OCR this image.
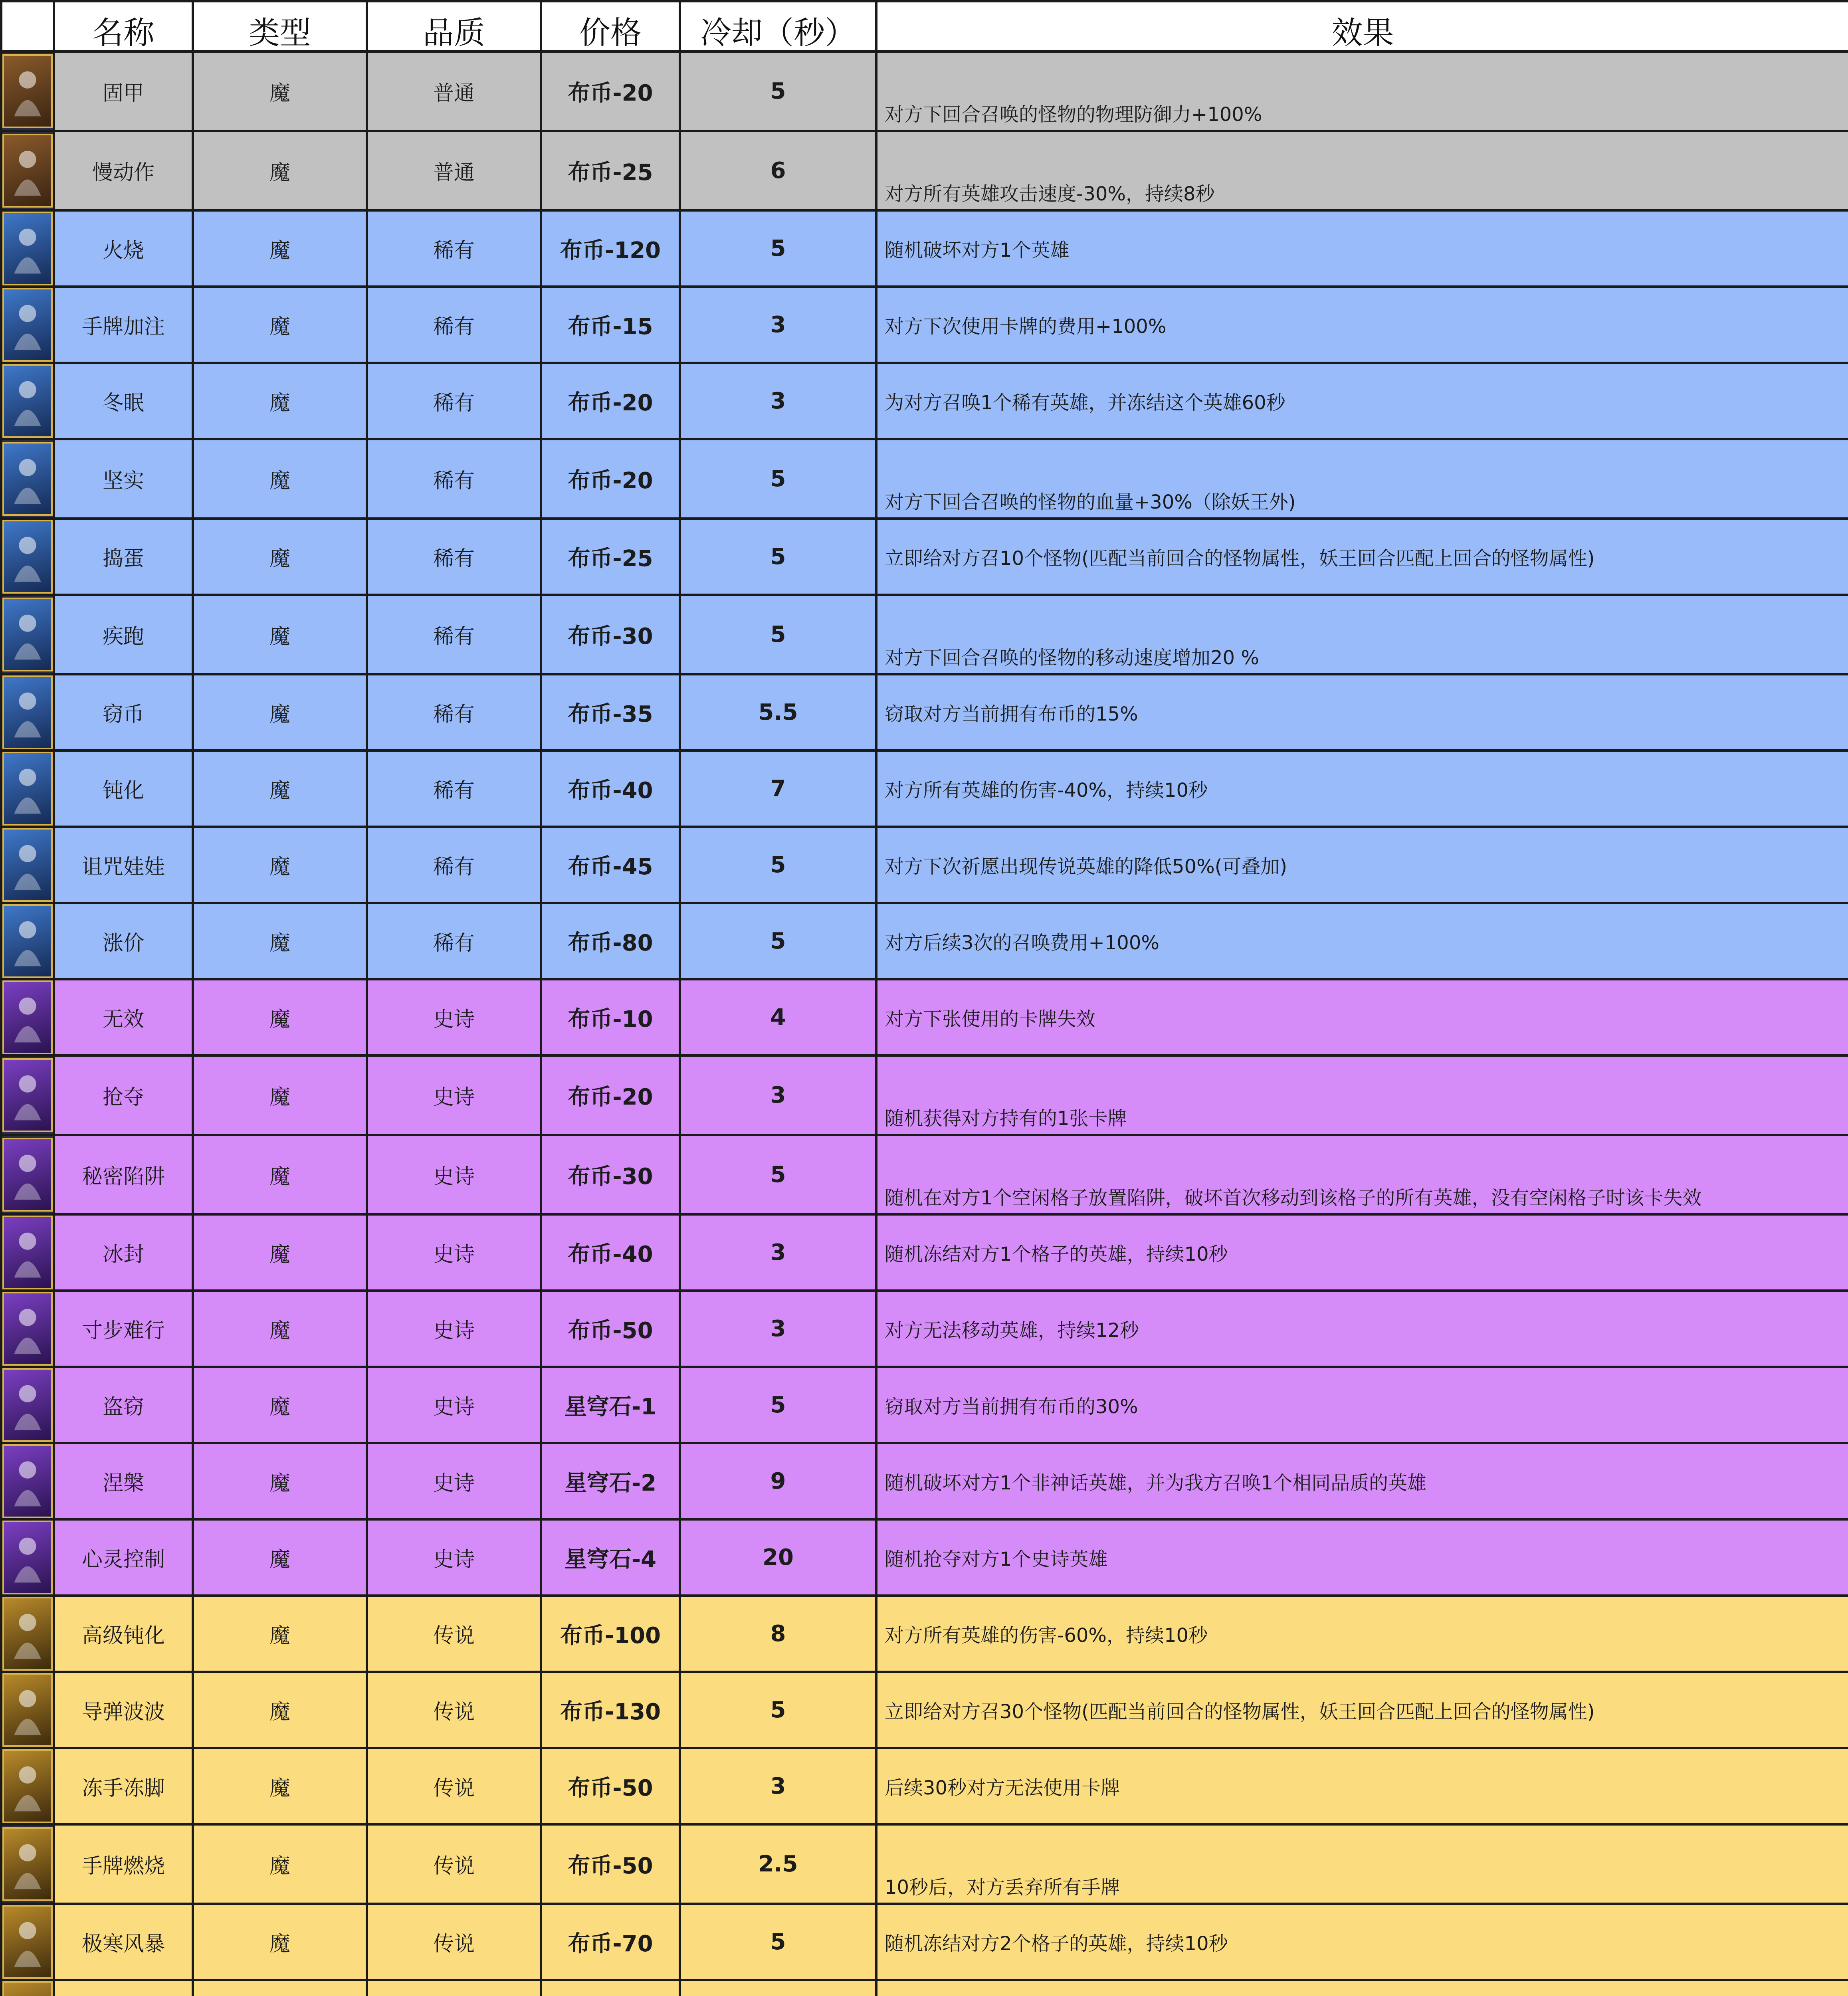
	名称	类型	品质	价格	冷却（秒）	效果

	固甲	魔	普通	布币-20	5	对方下回合召唤的怪物的物理防御力+100%

	慢动作	魔	普通	布币-25	6	对方所有英雄攻击速度-30%，持续8秒

	火烧	魔	稀有	布币-120	5	随机破坏对方1个英雄

	手牌加注	魔	稀有	布币-15	3	对方下次使用卡牌的费用+100%

	冬眠	魔	稀有	布币-20	3	为对方召唤1个稀有英雄，并冻结这个英雄60秒

	坚实	魔	稀有	布币-20	5	对方下回合召唤的怪物的血量+30%（除妖王外)

	捣蛋	魔	稀有	布币-25	5	立即给对方召10个怪物(匹配当前回合的怪物属性，妖王回合匹配上回合的怪物属性)

	疾跑	魔	稀有	布币-30	5	对方下回合召唤的怪物的移动速度增加20 %

	窃币	魔	稀有	布币-35	5.5	窃取对方当前拥有布币的15%

	钝化	魔	稀有	布币-40	7	对方所有英雄的伤害-40%，持续10秒

	诅咒娃娃	魔	稀有	布币-45	5	对方下次祈愿出现传说英雄的降低50%(可叠加)

	涨价	魔	稀有	布币-80	5	对方后续3次的召唤费用+100%

	无效	魔	史诗	布币-10	4	对方下张使用的卡牌失效

	抢夺	魔	史诗	布币-20	3	随机获得对方持有的1张卡牌

	秘密陷阱	魔	史诗	布币-30	5	随机在对方1个空闲格子放置陷阱，破坏首次移动到该格子的所有英雄，没有空闲格子时该卡失效

	冰封	魔	史诗	布币-40	3	随机冻结对方1个格子的英雄，持续10秒

	寸步难行	魔	史诗	布币-50	3	对方无法移动英雄，持续12秒

	盗窃	魔	史诗	星穹石-1	5	窃取对方当前拥有布币的30%

	涅槃	魔	史诗	星穹石-2	9	随机破坏对方1个非神话英雄，并为我方召唤1个相同品质的英雄

	心灵控制	魔	史诗	星穹石-4	20	随机抢夺对方1个史诗英雄

	高级钝化	魔	传说	布币-100	8	对方所有英雄的伤害-60%，持续10秒

	导弹波波	魔	传说	布币-130	5	立即给对方召30个怪物(匹配当前回合的怪物属性，妖王回合匹配上回合的怪物属性)

	冻手冻脚	魔	传说	布币-50	3	后续30秒对方无法使用卡牌

	手牌燃烧	魔	传说	布币-50	2.5	10秒后，对方丢弃所有手牌

	极寒风暴	魔	传说	布币-70	5	随机冻结对方2个格子的英雄，持续10秒
